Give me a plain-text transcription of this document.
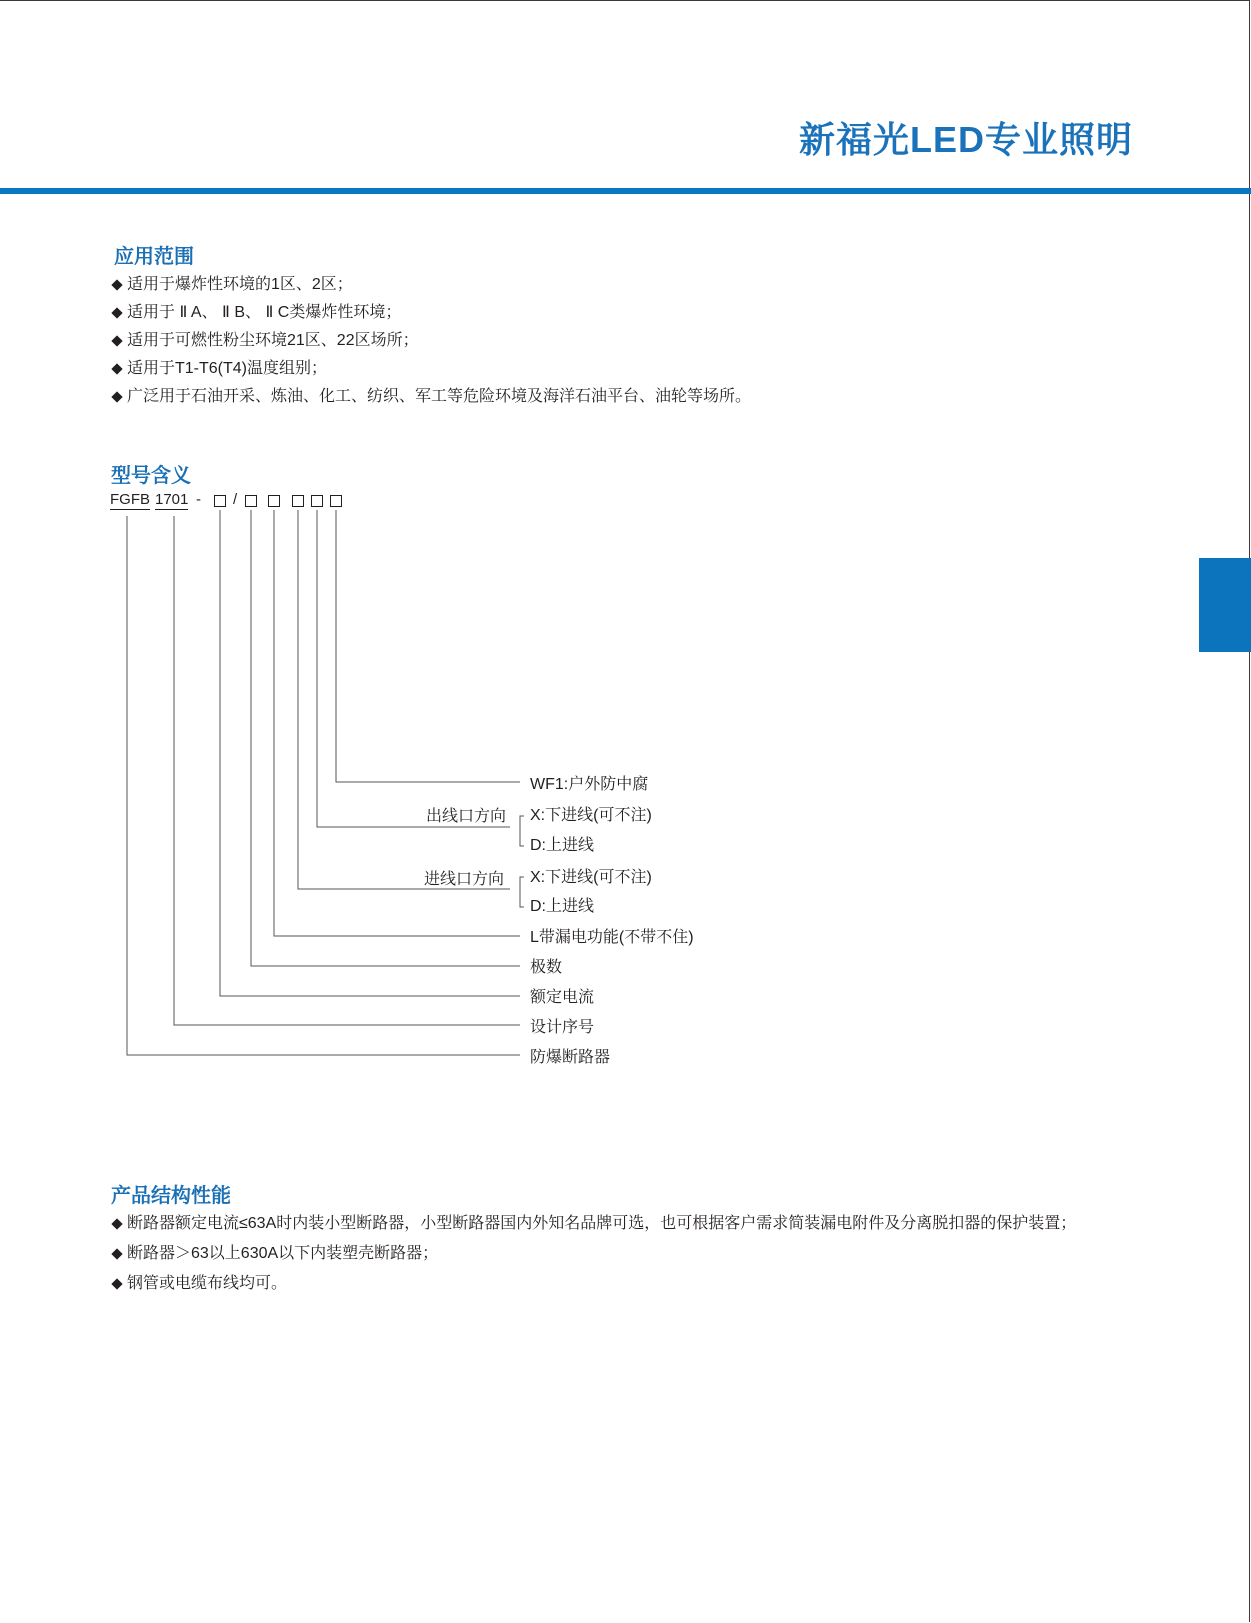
新福光LED专业照明
应用范围
适用于爆炸性环境的1区、2区；
适用于 Ⅱ A、 Ⅱ B、 Ⅱ C类爆炸性环境；
适用于可燃性粉尘环境21区、22区场所；
适用于T1-T6(T4)温度组别；
广泛用于石油开采、炼油、化工、纺织、军工等危险环境及海洋石油平台、油轮等场所。
型号含义
FGFB 1701 - /
WF1:户外防中腐
出线口方向 X:下进线(可不注)
D:上进线
进线口方向 X:下进线(可不注)
D:上进线
L带漏电功能(不带不住)
极数
额定电流
设计序号
防爆断路器
产品结构性能
断路器额定电流≤63A时内装小型断路器，小型断路器国内外知名品牌可选，也可根据客户需求简装漏电附件及分离脱扣器的保护装置；
断路器＞63以上630A以下内装塑壳断路器；
钢管或电缆布线均可。
